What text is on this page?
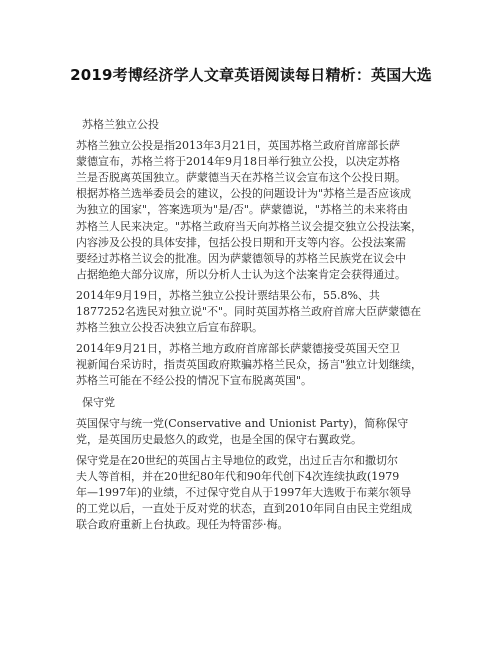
2019考博经济学人文章英语阅读每日精析：英国大选
苏格兰独立公投
苏格兰独立公投是指2013年3月21日，英国苏格兰政府首席部长萨
蒙德宣布，苏格兰将于2014年9月18日举行独立公投，以决定苏格
兰是否脱离英国独立。萨蒙德当天在苏格兰议会宣布这个公投日期。
根据苏格兰选举委员会的建议，公投的问题设计为"苏格兰是否应该成
为独立的国家"，答案选项为"是/否"。萨蒙德说，"苏格兰的未来将由
苏格兰人民来决定。"苏格兰政府当天向苏格兰议会提交独立公投法案，
内容涉及公投的具体安排，包括公投日期和开支等内容。公投法案需
要经过苏格兰议会的批准。因为萨蒙德领导的苏格兰民族党在议会中
占据绝绝大部分议席，所以分析人士认为这个法案肯定会获得通过。
2014年9月19日，苏格兰独立公投计票结果公布，55.8%、共
1877252名选民对独立说"不"。同时英国苏格兰政府首席大臣萨蒙德在
苏格兰独立公投否决独立后宣布辞职。
2014年9月21日，苏格兰地方政府首席部长萨蒙德接受英国天空卫
视新闻台采访时，指责英国政府欺骗苏格兰民众，扬言"独立计划继续，
苏格兰可能在不经公投的情况下宣布脱离英国"。
保守党
英国保守与统一党(Conservative and Unionist Party)，简称保守
党，是英国历史最悠久的政党，也是全国的保守右翼政党。
保守党是在20世纪的英国占主导地位的政党，出过丘吉尔和撒切尔
夫人等首相，并在20世纪80年代和90年代创下4次连续执政(1979
年—1997年)的业绩，不过保守党自从于1997年大选败于布莱尔领导
的工党以后，一直处于反对党的状态，直到2010年同自由民主党组成
联合政府重新上台执政。现任为特雷莎·梅。
